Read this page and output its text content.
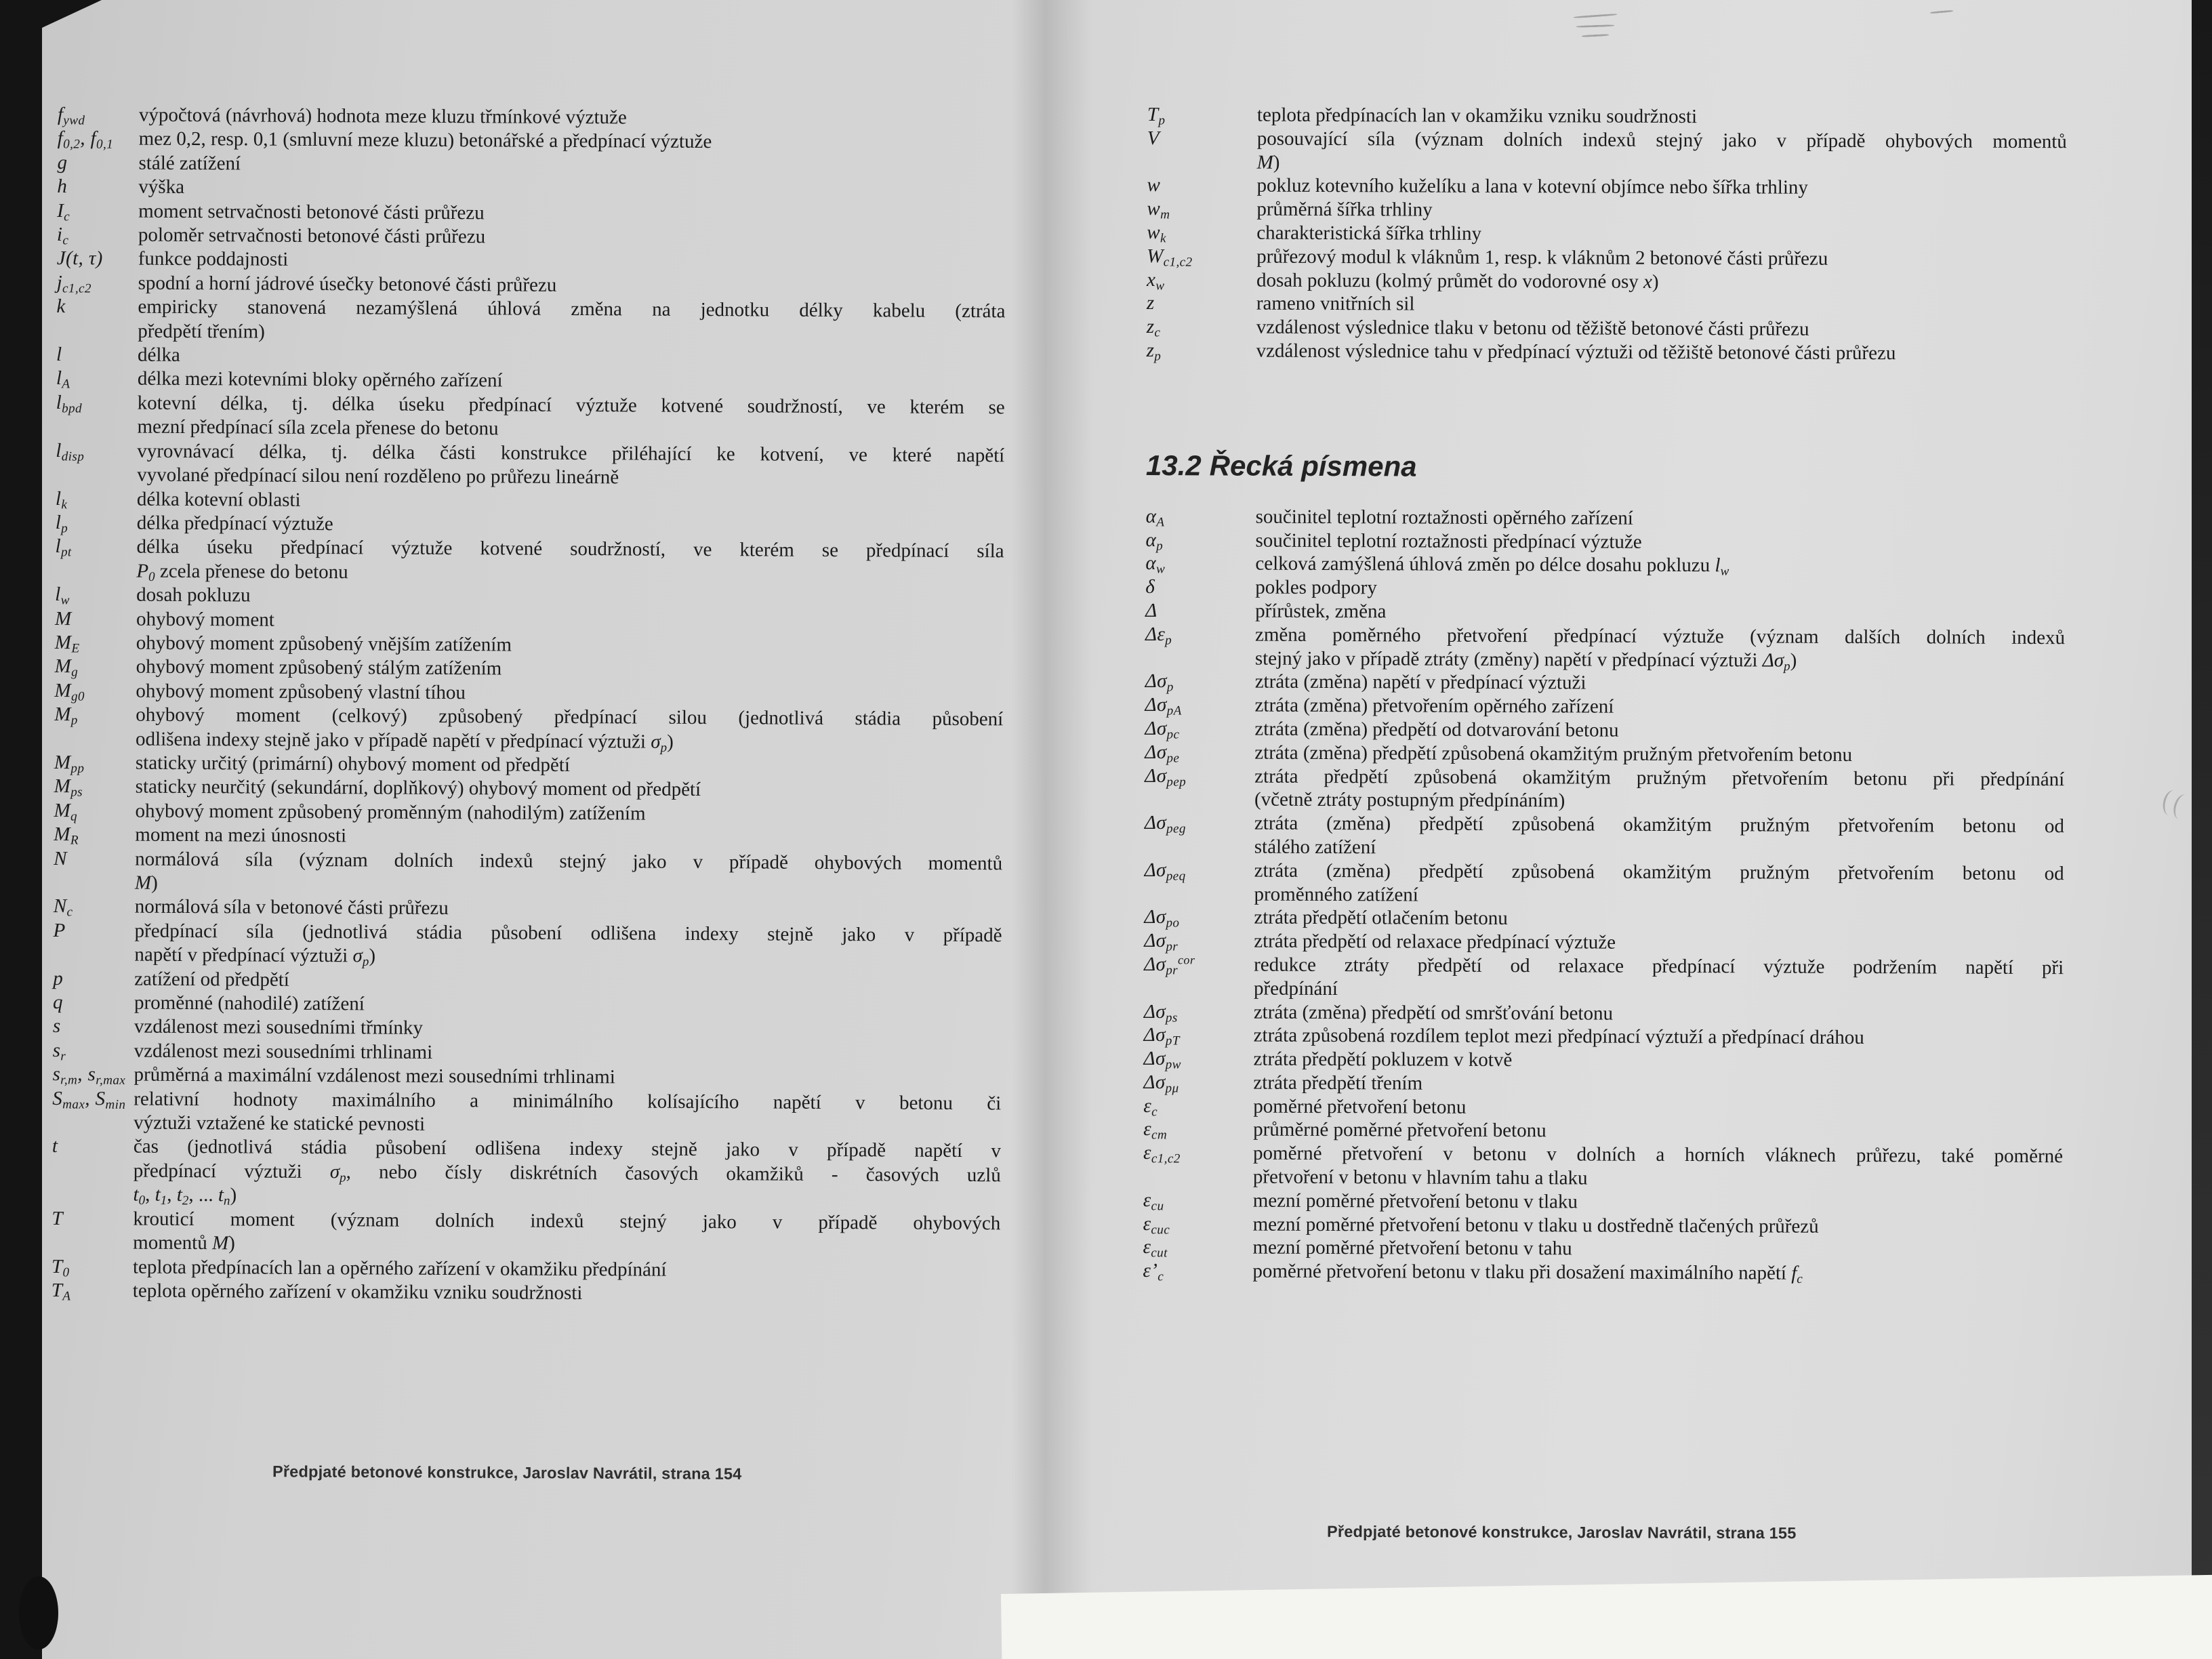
$f_{ywd}$	výpočtová (návrhová) hodnota meze kluzu třmínkové výztuže
$f_{0,2}$, $f_{0,1}$	mez 0,2, resp. 0,1 (smluvní meze kluzu) betonářské a předpínací výztuže
g	stálé zatížení
h	výška
$I_c$	moment setrvačnosti betonové části průřezu
$i_c$	poloměr setrvačnosti betonové části průřezu
J(t, τ)	funkce poddajnosti
$j_{c1,c2}$	spodní a horní jádrové úsečky betonové části průřezu
k	empiricky stanovená nezamýšlená úhlová změna na jednotku délky kabelu (ztráta
předpětí třením)
l	délka
$l_A$	délka mezi kotevními bloky opěrného zařízení
$l_{bpd}$	kotevní délka, tj. délka úseku předpínací výztuže kotvené soudržností, ve kterém se
mezní předpínací síla zcela přenese do betonu
$l_{disp}$	vyrovnávací délka, tj. délka části konstrukce přiléhající ke kotvení, ve které napětí
vyvolané předpínací silou není rozděleno po průřezu lineárně
$l_k$	délka kotevní oblasti
$l_p$	délka předpínací výztuže
$l_{pt}$	délka úseku předpínací výztuže kotvené soudržností, ve kterém se předpínací síla
$P_0$ zcela přenese do betonu
$l_w$	dosah pokluzu
M	ohybový moment
$M_E$	ohybový moment způsobený vnějším zatížením
$M_g$	ohybový moment způsobený stálým zatížením
$M_{g0}$	ohybový moment způsobený vlastní tíhou
$M_p$	ohybový moment (celkový) způsobený předpínací silou (jednotlivá stádia působení
odlišena indexy stejně jako v případě napětí v předpínací výztuži $\sigma_p$)
$M_{pp}$	staticky určitý (primární) ohybový moment od předpětí
$M_{ps}$	staticky neurčitý (sekundární, doplňkový) ohybový moment od předpětí
$M_q$	ohybový moment způsobený proměnným (nahodilým) zatížením
$M_R$	moment na mezi únosnosti
N	normálová síla (význam dolních indexů stejný jako v případě ohybových momentů
M)
$N_c$	normálová síla v betonové části průřezu
P	předpínací síla (jednotlivá stádia působení odlišena indexy stejně jako v případě
napětí v předpínací výztuži $\sigma_p$)
p	zatížení od předpětí
q	proměnné (nahodilé) zatížení
s	vzdálenost mezi sousedními třmínky
$s_r$	vzdálenost mezi sousedními trhlinami
$s_{r,m}$, $s_{r,max}$ průměrná a maximální vzdálenost mezi sousedními trhlinami
$S_{max}$, $S_{min}$ relativní hodnoty maximálního a minimálního kolísajícího napětí v betonu či
výztuži vztažené ke statické pevnosti
t	čas (jednotlivá stádia působení odlišena indexy stejně jako v případě napětí v
předpínací výztuži $\sigma_p$, nebo čísly diskrétních časových okamžiků - časových uzlů
$t_0$, $t_1$, $t_2$, ... $t_n$)
T	krouticí moment (význam dolních indexů stejný jako v případě ohybových
momentů M)
$T_0$	teplota předpínacích lan a opěrného zařízení v okamžiku předpínání
$T_A$	teplota opěrného zařízení v okamžiku vzniku soudržnosti
$T_p$	teplota předpínacích lan v okamžiku vzniku soudržnosti
V	posouvající síla (význam dolních indexů stejný jako v případě ohybových momentů
M)
w	pokluz kotevního kuželíku a lana v kotevní objímce nebo šířka trhliny
$w_m$	průměrná šířka trhliny
$w_k$	charakteristická šířka trhliny
$W_{c1,c2}$	průřezový modul k vláknům 1, resp. k vláknům 2 betonové části průřezu
$x_w$	dosah pokluzu (kolmý průmět do vodorovné osy x)
z	rameno vnitřních sil
$z_c$	vzdálenost výslednice tlaku v betonu od těžiště betonové části průřezu
$z_p$	vzdálenost výslednice tahu v předpínací výztuži od těžiště betonové části průřezu
13.2 Řecká písmena
$\alpha_A$	součinitel teplotní roztažnosti opěrného zařízení
$\alpha_p$	součinitel teplotní roztažnosti předpínací výztuže
$\alpha_w$	celková zamýšlená úhlová změn po délce dosahu pokluzu $l_w$
δ	pokles podpory
Δ	přírůstek, změna
$\Delta\varepsilon_p$	změna poměrného přetvoření předpínací výztuže (význam dalších dolních indexů
stejný jako v případě ztráty (změny) napětí v předpínací výztuži $\Delta\sigma_p$)
$\Delta\sigma_p$	ztráta (změna) napětí v předpínací výztuži
$\Delta\sigma_{pA}$	ztráta (změna) přetvořením opěrného zařízení
$\Delta\sigma_{pc}$	ztráta (změna) předpětí od dotvarování betonu
$\Delta\sigma_{pe}$	ztráta (změna) předpětí způsobená okamžitým pružným přetvořením betonu
$\Delta\sigma_{pep}$	ztráta předpětí způsobená okamžitým pružným přetvořením betonu při předpínání
(včetně ztráty postupným předpínáním)
$\Delta\sigma_{peg}$	ztráta (změna) předpětí způsobená okamžitým pružným přetvořením betonu od
stálého zatížení
$\Delta\sigma_{peq}$	ztráta (změna) předpětí způsobená okamžitým pružným přetvořením betonu od
proměnného zatížení
$\Delta\sigma_{po}$	ztráta předpětí otlačením betonu
$\Delta\sigma_{pr}$	ztráta předpětí od relaxace předpínací výztuže
$\Delta\sigma_{pr}^{cor}$	redukce ztráty předpětí od relaxace předpínací výztuže podržením napětí při
předpínání
$\Delta\sigma_{ps}$	ztráta (změna) předpětí od smršťování betonu
$\Delta\sigma_{pT}$	ztráta způsobená rozdílem teplot mezi předpínací výztuží a předpínací dráhou
$\Delta\sigma_{pw}$	ztráta předpětí pokluzem v kotvě
$\Delta\sigma_{p\mu}$	ztráta předpětí třením
$\varepsilon_c$	poměrné přetvoření betonu
$\varepsilon_{cm}$	průměrné poměrné přetvoření betonu
$\varepsilon_{c1,c2}$	poměrné přetvoření v betonu v dolních a horních vláknech průřezu, také poměrné
přetvoření v betonu v hlavním tahu a tlaku
$\varepsilon_{cu}$	mezní poměrné přetvoření betonu v tlaku
$\varepsilon_{cuc}$	mezní poměrné přetvoření betonu v tlaku u dostředně tlačených průřezů
$\varepsilon_{cut}$	mezní poměrné přetvoření betonu v tahu
$\varepsilon’_c$	poměrné přetvoření betonu v tlaku při dosažení maximálního napětí $f_c$
Předpjaté betonové konstrukce, Jaroslav Navrátil, strana 154
Předpjaté betonové konstrukce, Jaroslav Navrátil, strana 155
